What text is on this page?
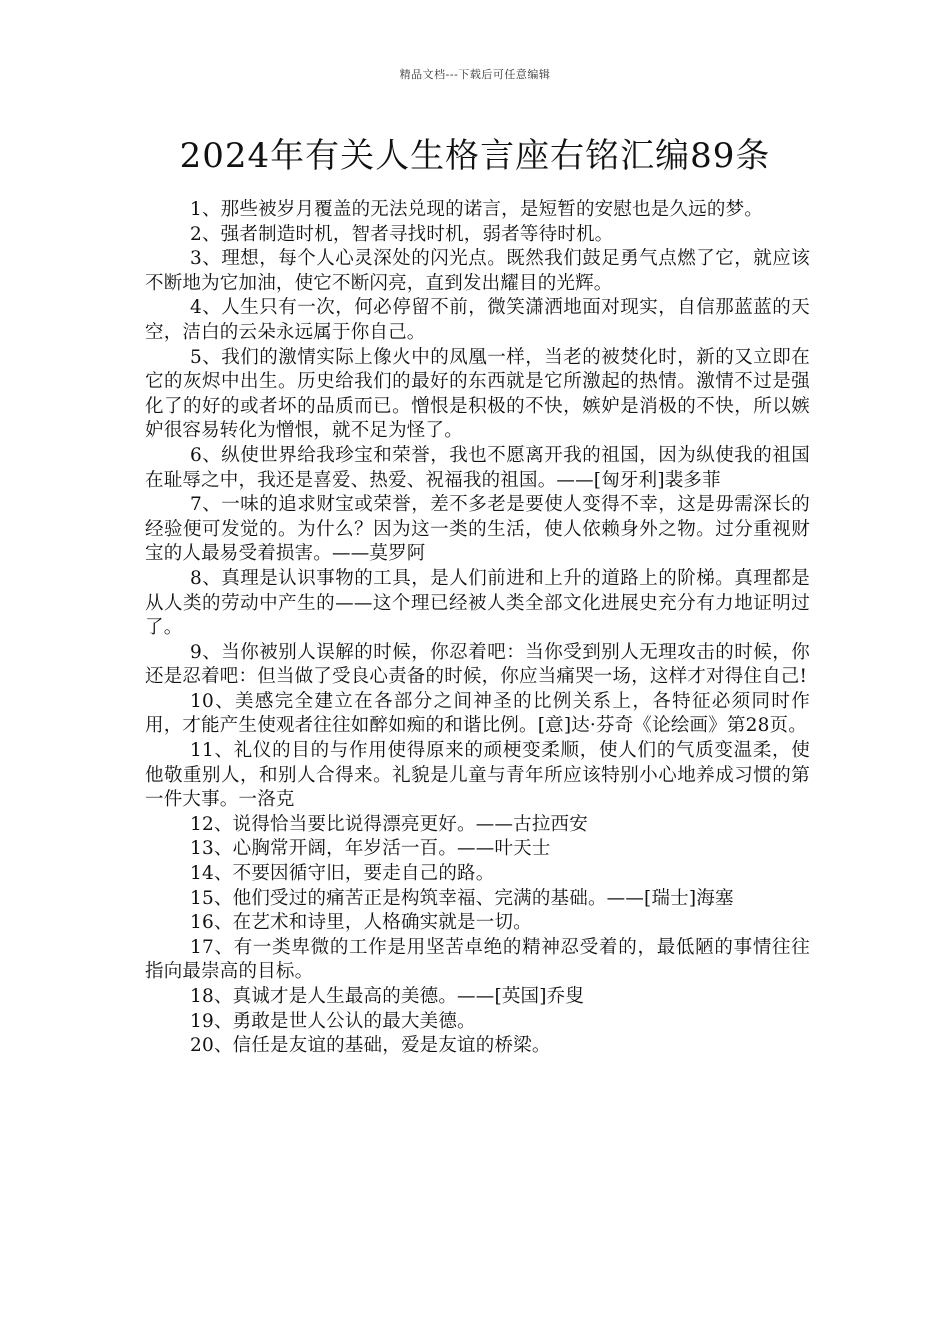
精品文档---下载后可任意编辑
2024年有关人生格言座右铭汇编89条

1、那些被岁月覆盖的无法兑现的诺言，是短暂的安慰也是久远的梦。

2、强者制造时机，智者寻找时机，弱者等待时机。

3、理想，每个人心灵深处的闪光点。既然我们鼓足勇气点燃了它，就应该不断地为它加油，使它不断闪亮，直到发出耀目的光辉。

4、人生只有一次，何必停留不前，微笑潇洒地面对现实，自信那蓝蓝的天空，洁白的云朵永远属于你自己。

5、我们的激情实际上像火中的凤凰一样，当老的被焚化时，新的又立即在它的灰烬中出生。历史给我们的最好的东西就是它所激起的热情。激情不过是强化了的好的或者坏的品质而已。憎恨是积极的不快，嫉妒是消极的不快，所以嫉妒很容易转化为憎恨，就不足为怪了。

6、纵使世界给我珍宝和荣誉，我也不愿离开我的祖国，因为纵使我的祖国在耻辱之中，我还是喜爱、热爱、祝福我的祖国。——[匈牙利]裴多菲

7、一味的追求财宝或荣誉，差不多老是要使人变得不幸，这是毋需深长的经验便可发觉的。为什么？因为这一类的生活，使人依赖身外之物。过分重视财宝的人最易受着损害。——莫罗阿

8、真理是认识事物的工具，是人们前进和上升的道路上的阶梯。真理都是从人类的劳动中产生的——这个理已经被人类全部文化进展史充分有力地证明过了。

9、当你被别人误解的时候，你忍着吧：当你受到别人无理攻击的时候，你还是忍着吧：但当做了受良心责备的时候，你应当痛哭一场，这样才对得住自己!

10、美感完全建立在各部分之间神圣的比例关系上，各特征必须同时作用，才能产生使观者往往如醉如痴的和谐比例。[意]达·芬奇《论绘画》第28页。

11、礼仪的目的与作用使得原来的顽梗变柔顺，使人们的气质变温柔，使他敬重别人，和别人合得来。礼貌是儿童与青年所应该特别小心地养成习惯的第一件大事。一洛克

12、说得恰当要比说得漂亮更好。——古拉西安

13、心胸常开阔，年岁活一百。——叶天士

14、不要因循守旧，要走自己的路。

15、他们受过的痛苦正是构筑幸福、完满的基础。——[瑞士]海塞

16、在艺术和诗里，人格确实就是一切。

17、有一类卑微的工作是用坚苦卓绝的精神忍受着的，最低陋的事情往往指向最崇高的目标。

18、真诚才是人生最高的美德。——[英国]乔叟

19、勇敢是世人公认的最大美德。

20、信任是友谊的基础，爱是友谊的桥梁。
